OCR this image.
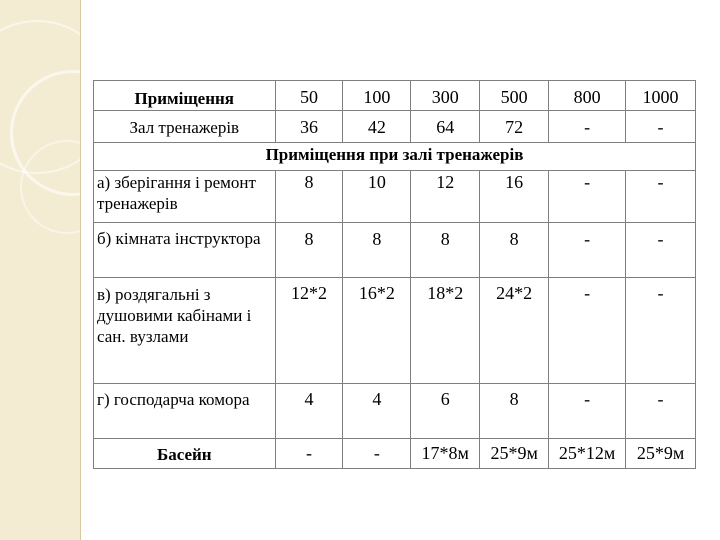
Приміщення	50	100	300	500	800	1000
Зал тренажерів	36	42	64	72	-	-
Приміщення при залі тренажерів						
а) зберігання і ремонт тренажерів	8	10	12	16	-	-
б) кімната інструктора	8	8	8	8	-	-
в) роздягальні з душовими кабінами і сан. вузлами	12*2	16*2	18*2	24*2	-	-
г) господарча комора	4	4	6	8	-	-
Басейн	-	-	17*8м	25*9м	25*12м	25*9м
